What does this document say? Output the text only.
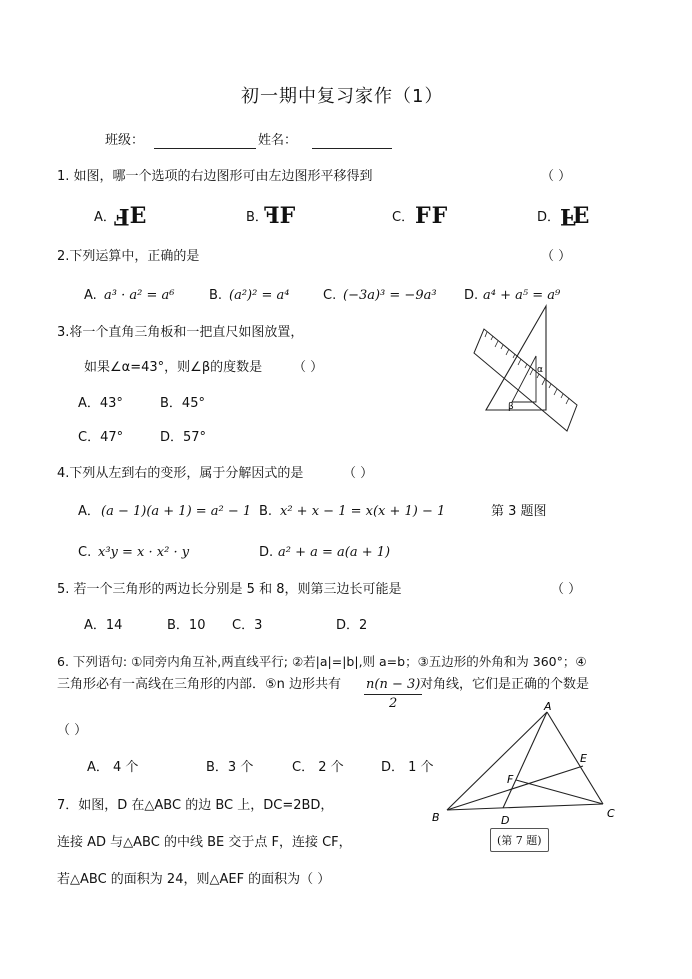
初一期中复习家作（1）
班级：	姓名：
1. 如图，哪一个选项的右边图形可由左边图形平移得到	（ ）
A． FE	B． FF	C． FF	D． FE
2.下列运算中，正确的是	（ ）
A. a³ · a² = a⁶	B. (a²)² = a⁴	C. (−3a)³ = −9a³ D. a⁴ + a⁵ = a⁹
3.将一个直角三角板和一把直尺如图放置，
如果∠α=43°，则∠β的度数是 （ ）
A．43°	B．45°
C．47°	D．57°
α
β
4.下列从左到右的变形，属于分解因式的是	（ ）
A． (a − 1)(a + 1) = a² − 1 B. x² + x − 1 = x(x + 1) − 1	第 3 题图
C. x³y = x · x² · y	D. a² + a = a(a + 1)
5. 若一个三角形的两边长分别是 5 和 8，则第三边长可能是	（ ）
A．14	B．10 C．3	D．2
6. 下列语句: ①同旁内角互补,两直线平行; ②若|a|=|b|,则 a=b；③五边形的外角和为 360°；④
三角形必有一高线在三角形的内部．⑤n 边形共有 $\frac{n(n - 3)}{2}$
对角线，它们是正确的个数是
（ ）
A． 4 个	B．3 个	C． 2 个	D． 1 个
7．如图，D 在△ABC 的边 BC 上，DC=2BD，
连接 AD 与△ABC 的中线 BE 交于点 F，连接 CF，
若△ABC 的面积为 24，则△AEF 的面积为（ ）
A
B	C
D
E
F
(第 7 题)
